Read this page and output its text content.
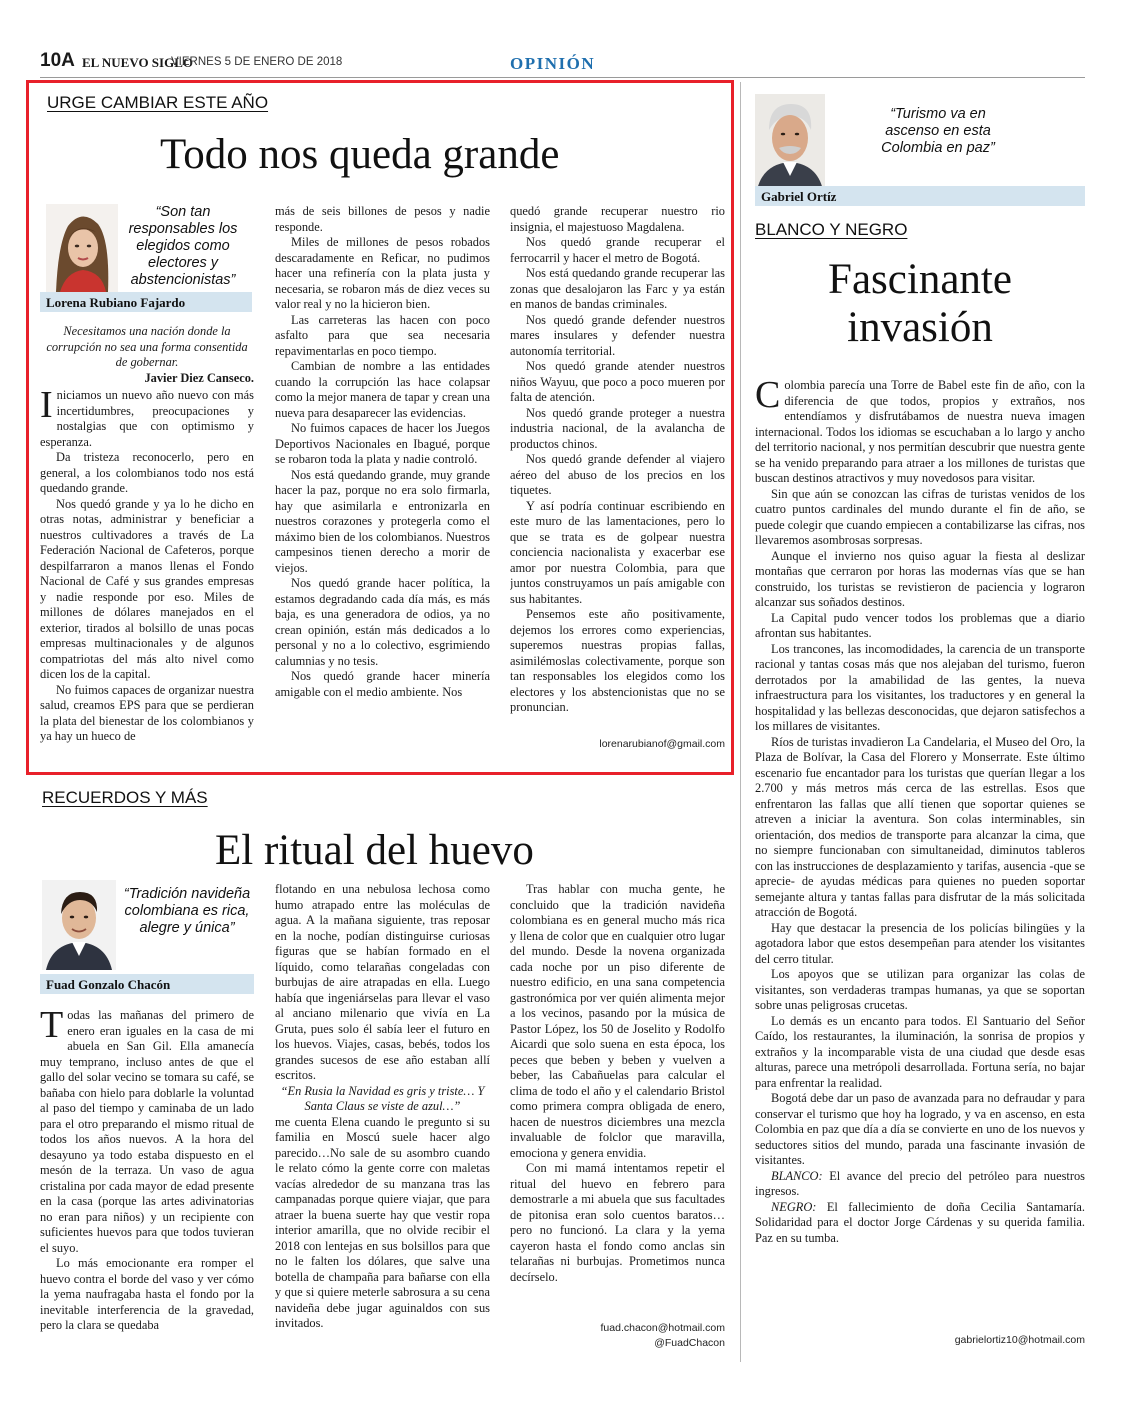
10A EL NUEVO SIGLO
VIERNES 5 DE ENERO DE 2018	OPINIÓN
URGE CAMBIAR ESTE AÑO
Todo nos queda grande
“Son tan responsables los elegidos como electores y abstencionistas”
Lorena Rubiano Fajardo
Necesitamos una nación donde la corrupción no sea una forma consentida de gobernar.
Javier Diez Canseco.

Iniciamos un nuevo año nuevo con más incertidumbres, preocupaciones y nostalgias que con optimismo y esperanza.

Da tristeza reconocerlo, pero en general, a los colombianos todo nos está quedando grande.

Nos quedó grande y ya lo he dicho en otras notas, administrar y beneficiar a nuestros cultivadores a través de La Federación Nacional de Cafeteros, porque despilfarraron a manos llenas el Fondo Nacional de Café y sus grandes empresas y nadie responde por eso. Miles de millones de dólares manejados en el exterior, tirados al bolsillo de unas pocas empresas multinacionales y de algunos compatriotas del más alto nivel como dicen los de la capital.

No fuimos capaces de organizar nuestra salud, creamos EPS para que se perdieran la plata del bienestar de los colombianos y ya hay un hueco de

más de seis billones de pesos y nadie responde.

Miles de millones de pesos robados descaradamente en Reficar, no pudimos hacer una refinería con la plata justa y necesaria, se robaron más de diez veces su valor real y no la hicieron bien.

Las carreteras las hacen con poco asfalto para que sea necesaria repavimentarlas en poco tiempo.

Cambian de nombre a las entidades cuando la corrupción las hace colapsar como la mejor manera de tapar y crean una nueva para desaparecer las evidencias.

No fuimos capaces de hacer los Juegos Deportivos Nacionales en Ibagué, porque se robaron toda la plata y nadie controló.

Nos está quedando grande, muy grande hacer la paz, porque no era solo firmarla, hay que asimilarla e entronizarla en nuestros corazones y protegerla como el máximo bien de los colombianos. Nuestros campesinos tienen derecho a morir de viejos.

Nos quedó grande hacer política, la estamos degradando cada día más, es más baja, es una generadora de odios, ya no crean opinión, están más dedicados a lo personal y no a lo colectivo, esgrimiendo calumnias y no tesis.

Nos quedó grande hacer minería amigable con el medio ambiente. Nos

quedó grande recuperar nuestro rio insignia, el majestuoso Magdalena.

Nos quedó grande recuperar el ferrocarril y hacer el metro de Bogotá.

Nos está quedando grande recuperar las zonas que desalojaron las Farc y ya están en manos de bandas criminales.

Nos quedó grande defender nuestros mares insulares y defender nuestra autonomía territorial.

Nos quedó grande atender nuestros niños Wayuu, que poco a poco mueren por falta de atención.

Nos quedó grande proteger a nuestra industria nacional, de la avalancha de productos chinos.

Nos quedó grande defender al viajero aéreo del abuso de los precios en los tiquetes.

Y así podría continuar escribiendo en este muro de las lamentaciones, pero lo que se trata es de golpear nuestra conciencia nacionalista y exacerbar ese amor por nuestra Colombia, para que juntos construyamos un país amigable con sus habitantes.

Pensemos este año positivamente, dejemos los errores como experiencias, superemos nuestras propias fallas, asimilémoslas colectivamente, porque son tan responsables los elegidos como los electores y los abstencionistas que no se pronuncian.

lorenarubianof@gmail.com
RECUERDOS Y MÁS
El ritual del huevo
“Tradición navideña colombiana es rica, alegre y única”
Fuad Gonzalo Chacón

Todas las mañanas del primero de enero eran iguales en la casa de mi abuela en San Gil. Ella amanecía muy temprano, incluso antes de que el gallo del solar vecino se tomara su café, se bañaba con hielo para doblarle la voluntad al paso del tiempo y caminaba de un lado para el otro preparando el mismo ritual de todos los años nuevos. A la hora del desayuno ya todo estaba dispuesto en el mesón de la terraza. Un vaso de agua cristalina por cada mayor de edad presente en la casa (porque las artes adivinatorias no eran para niños) y un recipiente con suficientes huevos para que todos tuvieran el suyo.

Lo más emocionante era romper el huevo contra el borde del vaso y ver cómo la yema naufragaba hasta el fondo por la inevitable interferencia de la gravedad, pero la clara se quedaba

flotando en una nebulosa lechosa como humo atrapado entre las moléculas de agua. A la mañana siguiente, tras reposar en la noche, podían distinguirse curiosas figuras que se habían formado en el líquido, como telarañas congeladas con burbujas de aire atrapadas en ella. Luego había que ingeniárselas para llevar el vaso al anciano milenario que vivía en La Gruta, pues solo él sabía leer el futuro en los huevos. Viajes, casas, bebés, todos los grandes sucesos de ese año estaban allí escritos.

“En Rusia la Navidad es gris y triste… Y Santa Claus se viste de azul…”

me cuenta Elena cuando le pregunto si su familia en Moscú suele hacer algo parecido…No sale de su asombro cuando le relato cómo la gente corre con maletas vacías alrededor de su manzana tras las campanadas porque quiere viajar, que para atraer la buena suerte hay que vestir ropa interior amarilla, que no olvide recibir el 2018 con lentejas en sus bolsillos para que no le falten los dólares, que salve una botella de champaña para bañarse con ella y que si quiere meterle sabrosura a su cena navideña debe jugar aguinaldos con sus invitados.

Tras hablar con mucha gente, he concluido que la tradición navideña colombiana es en general mucho más rica y llena de color que en cualquier otro lugar del mundo. Desde la novena organizada cada noche por un piso diferente de nuestro edificio, en una sana competencia gastronómica por ver quién alimenta mejor a los vecinos, pasando por la música de Pastor López, los 50 de Joselito y Rodolfo Aicardi que solo suena en esta época, los peces que beben y beben y vuelven a beber, las Cabañuelas para calcular el clima de todo el año y el calendario Bristol como primera compra obligada de enero, hacen de nuestros diciembres una mezcla invaluable de folclor que maravilla, emociona y genera envidia.

Con mi mamá intentamos repetir el ritual del huevo en febrero para demostrarle a mi abuela que sus facultades de pitonisa eran solo cuentos baratos… pero no funcionó. La clara y la yema cayeron hasta el fondo como anclas sin telarañas ni burbujas. Prometimos nunca decírselo.

fuad.chacon@hotmail.com
@FuadChacon
“Turismo va en ascenso en esta Colombia en paz”
Gabriel Ortíz
BLANCO Y NEGRO
Fascinante
invasión

Colombia parecía una Torre de Babel este fin de año, con la diferencia de que todos, propios y extraños, nos entendíamos y disfrutábamos de nuestra nueva imagen internacional. Todos los idiomas se escuchaban a lo largo y ancho del territorio nacional, y nos permitían descubrir que nuestra gente se ha venido preparando para atraer a los millones de turistas que buscan destinos atractivos y muy novedosos para visitar.

Sin que aún se conozcan las cifras de turistas venidos de los cuatro puntos cardinales del mundo durante el fin de año, se puede colegir que cuando empiecen a contabilizarse las cifras, nos llevaremos asombrosas sorpresas.

Aunque el invierno nos quiso aguar la fiesta al deslizar montañas que cerraron por horas las modernas vías que se han construido, los turistas se revistieron de paciencia y lograron alcanzar sus soñados destinos.

La Capital pudo vencer todos los problemas que a diario afrontan sus habitantes.

Los trancones, las incomodidades, la carencia de un transporte racional y tantas cosas más que nos alejaban del turismo, fueron derrotados por la amabilidad de las gentes, la nueva infraestructura para los visitantes, los traductores y en general la hospitalidad y las bellezas desconocidas, que dejaron satisfechos a los millares de visitantes.

Ríos de turistas invadieron La Candelaria, el Museo del Oro, la Plaza de Bolívar, la Casa del Florero y Monserrate. Este último escenario fue encantador para los turistas que querían llegar a los 2.700 y más metros más cerca de las estrellas. Esos que enfrentaron las fallas que allí tienen que soportar quienes se atreven a iniciar la aventura. Son colas interminables, sin orientación, dos medios de transporte para alcanzar la cima, que no siempre funcionaban con simultaneidad, diminutos tableros con las instrucciones de desplazamiento y tarifas, ausencia -que se aprecie- de ayudas médicas para quienes no pueden soportar semejante altura y tantas fallas para disfrutar de la más solicitada atracción de Bogotá.

Hay que destacar la presencia de los policías bilingües y la agotadora labor que estos desempeñan para atender los visitantes del cerro titular.

Los apoyos que se utilizan para organizar las colas de visitantes, son verdaderas trampas humanas, ya que se soportan sobre unas peligrosas crucetas.

Lo demás es un encanto para todos. El Santuario del Señor Caído, los restaurantes, la iluminación, la sonrisa de propios y extraños y la incomparable vista de una ciudad que desde esas alturas, parece una metrópoli desarrollada. Fortuna sería, no bajar para enfrentar la realidad.

Bogotá debe dar un paso de avanzada para no defraudar y para conservar el turismo que hoy ha logrado, y va en ascenso, en esta Colombia en paz que día a día se convierte en uno de los nuevos y seductores sitios del mundo, parada una fascinante invasión de visitantes.

BLANCO: El avance del precio del petróleo para nuestros ingresos.

NEGRO: El fallecimiento de doña Cecilia Santamaría. Solidaridad para el doctor Jorge Cárdenas y su querida familia. Paz en su tumba.

gabrielortiz10@hotmail.com
